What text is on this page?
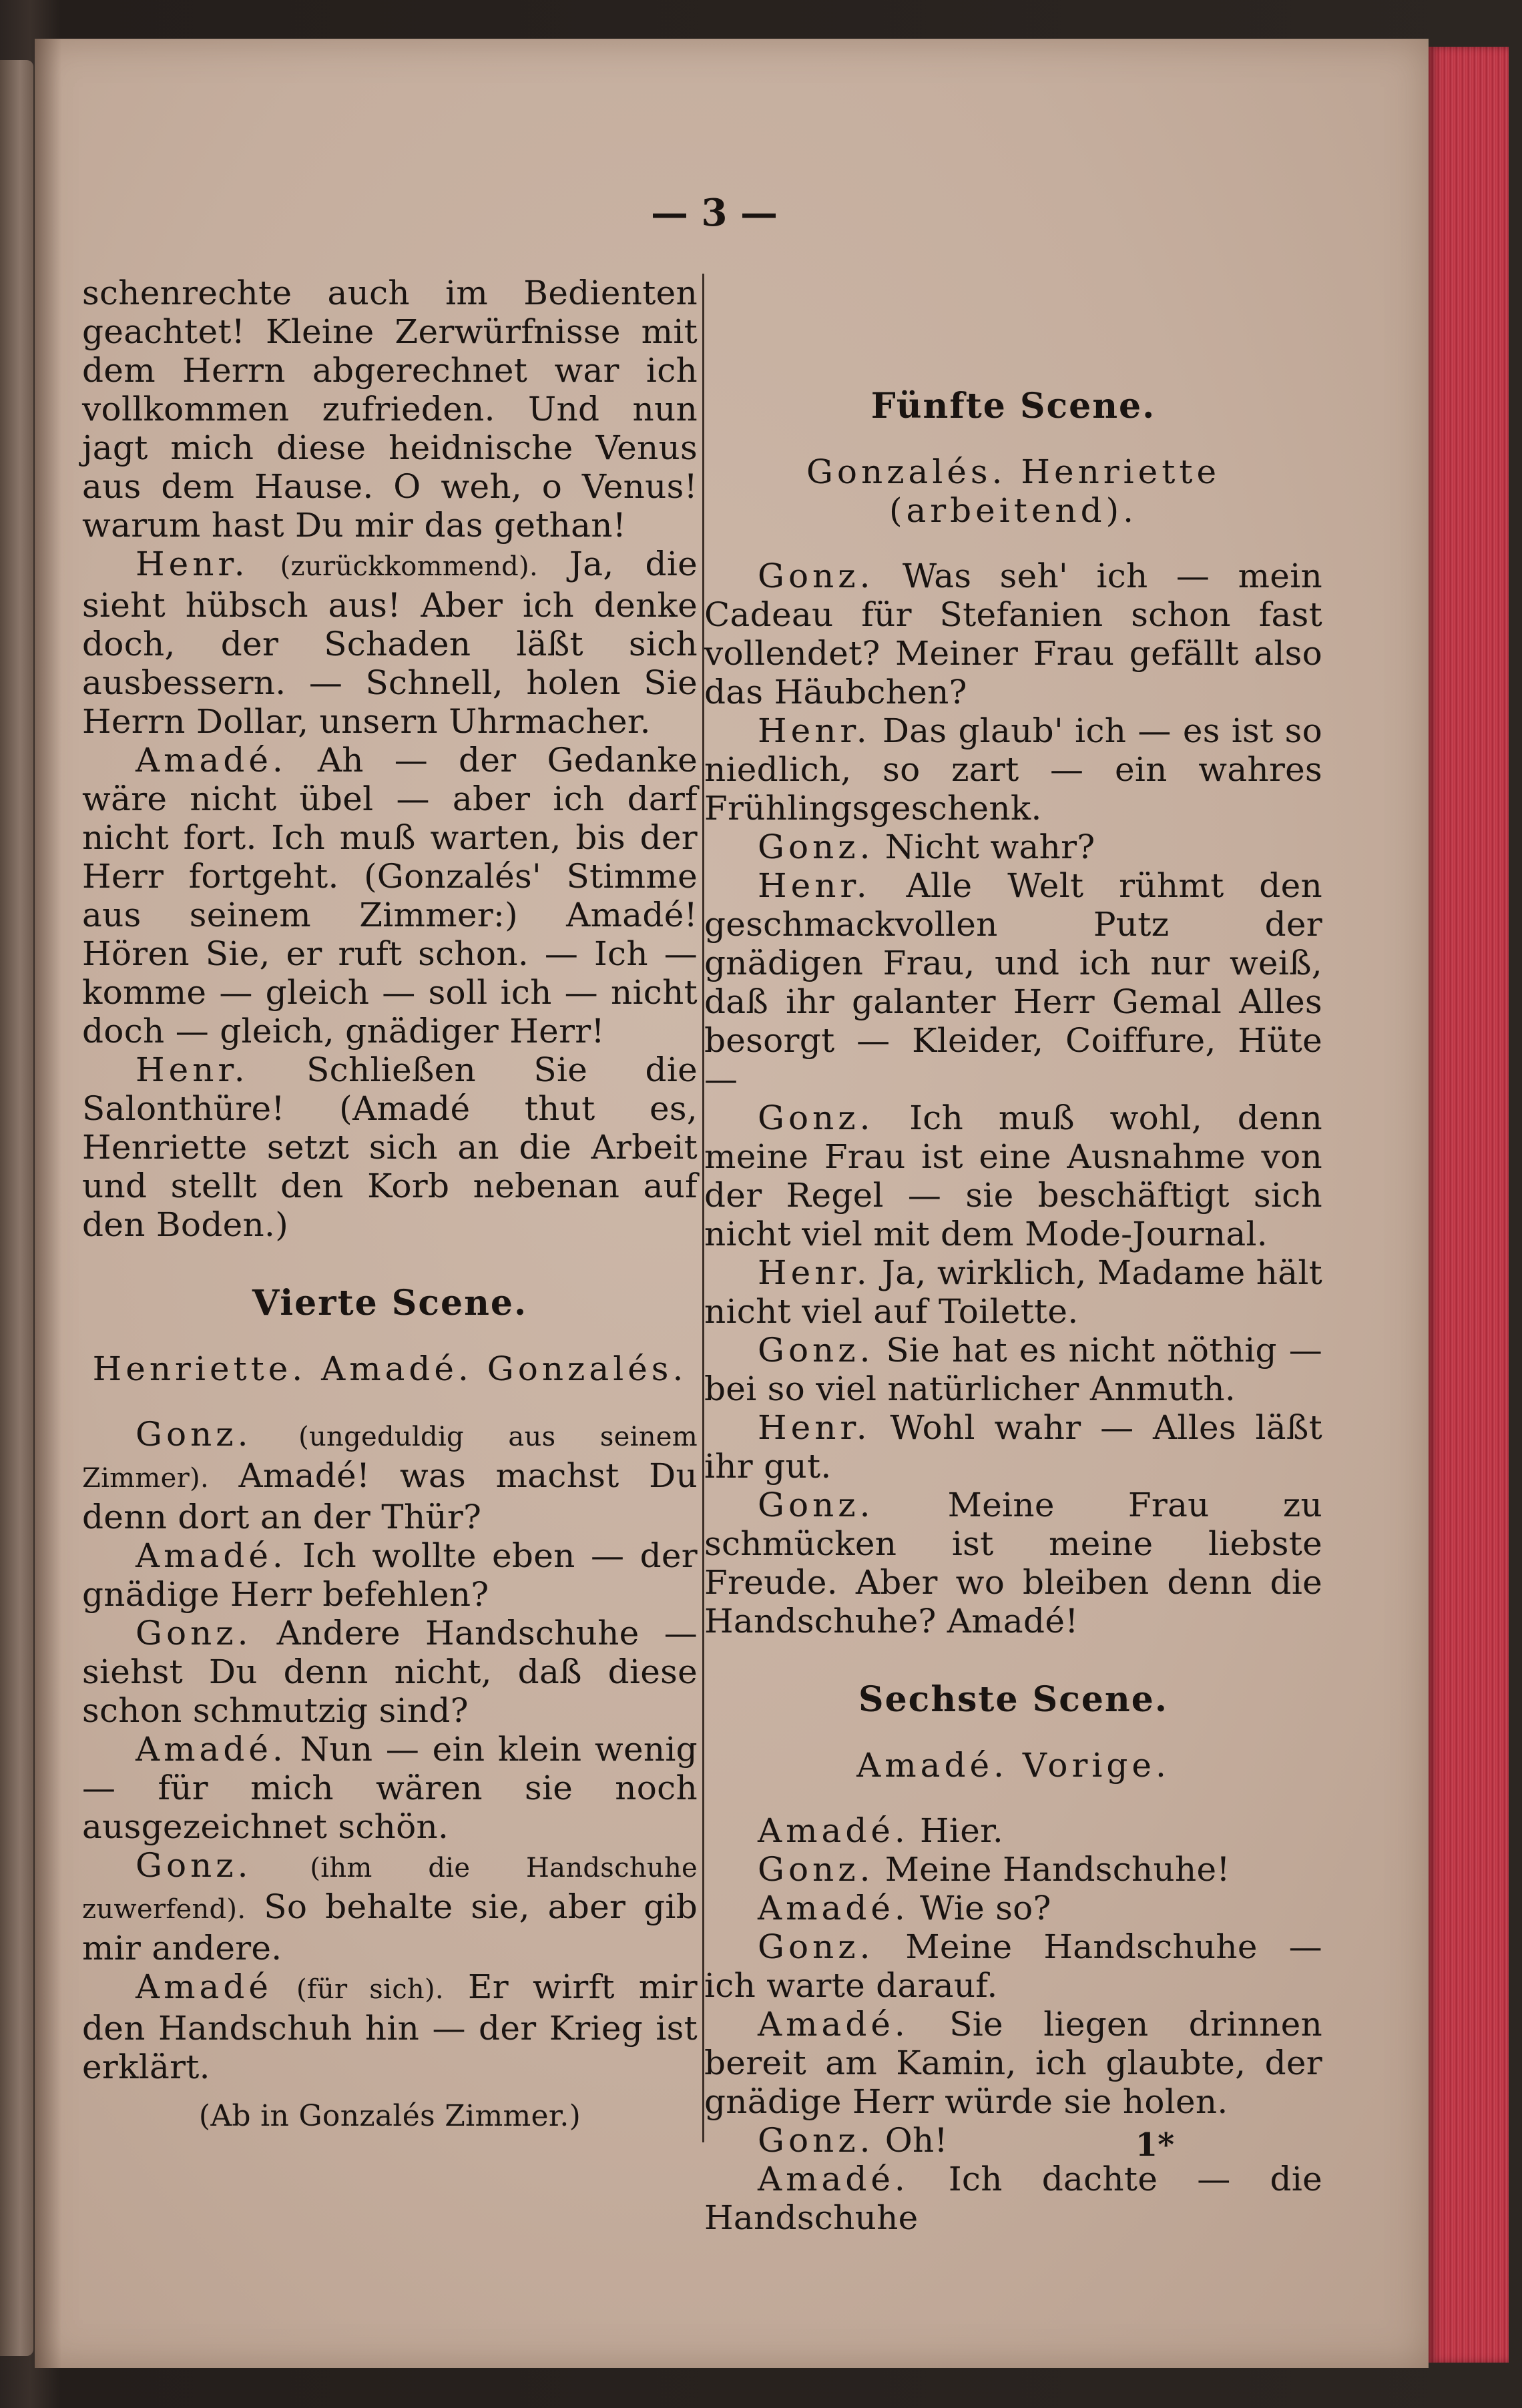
— 3 —

schenrechte auch im Bedienten geachtet! Kleine Zerwürfnisse mit dem Herrn abgerechnet war ich vollkommen zufrieden. Und nun jagt mich diese heidnische Venus aus dem Hause. O weh, o Venus! warum hast Du mir das gethan!

Henr. (zurückkommend). Ja, die sieht hübsch aus! Aber ich denke doch, der Schaden läßt sich ausbessern. — Schnell, holen Sie Herrn Dollar, unsern Uhrmacher.

Amadé. Ah — der Gedanke wäre nicht übel — aber ich darf nicht fort. Ich muß warten, bis der Herr fortgeht. (Gonzalés' Stimme aus seinem Zimmer:) Amadé! Hören Sie, er ruft schon. — Ich — komme — gleich — soll ich — nicht doch — gleich, gnädiger Herr!

Henr. Schließen Sie die Salonthüre! (Amadé thut es, Henriette setzt sich an die Arbeit und stellt den Korb nebenan auf den Boden.)

Vierte Scene.
Henriette. Amadé. Gonzalés.

Gonz. (ungeduldig aus seinem Zimmer). Amadé! was machst Du denn dort an der Thür?

Amadé. Ich wollte eben — der gnädige Herr befehlen?

Gonz. Andere Handschuhe — siehst Du denn nicht, daß diese schon schmutzig sind?

Amadé. Nun — ein klein wenig — für mich wären sie noch ausgezeichnet schön.

Gonz. (ihm die Handschuhe zuwerfend). So behalte sie, aber gib mir andere.

Amadé (für sich). Er wirft mir den Handschuh hin — der Krieg ist erklärt.

(Ab in Gonzalés Zimmer.)
Fünfte Scene.
Gonzalés. Henriette (arbeitend).

Gonz. Was seh' ich — mein Cadeau für Stefanien schon fast vollendet? Meiner Frau gefällt also das Häubchen?

Henr. Das glaub' ich — es ist so niedlich, so zart — ein wahres Frühlingsgeschenk.

Gonz. Nicht wahr?

Henr. Alle Welt rühmt den geschmackvollen Putz der gnädigen Frau, und ich nur weiß, daß ihr galanter Herr Gemal Alles besorgt — Kleider, Coiffure, Hüte —

Gonz. Ich muß wohl, denn meine Frau ist eine Ausnahme von der Regel — sie beschäftigt sich nicht viel mit dem Mode-Journal.

Henr. Ja, wirklich, Madame hält nicht viel auf Toilette.

Gonz. Sie hat es nicht nöthig — bei so viel natürlicher Anmuth.

Henr. Wohl wahr — Alles läßt ihr gut.

Gonz. Meine Frau zu schmücken ist meine liebste Freude. Aber wo bleiben denn die Handschuhe? Amadé!

Sechste Scene.
Amadé. Vorige.

Amadé. Hier.

Gonz. Meine Handschuhe!

Amadé. Wie so?

Gonz. Meine Handschuhe — ich warte darauf.

Amadé. Sie liegen drinnen bereit am Kamin, ich glaubte, der gnädige Herr würde sie holen.

Gonz. Oh!

Amadé. Ich dachte — die Handschuhe

1*
